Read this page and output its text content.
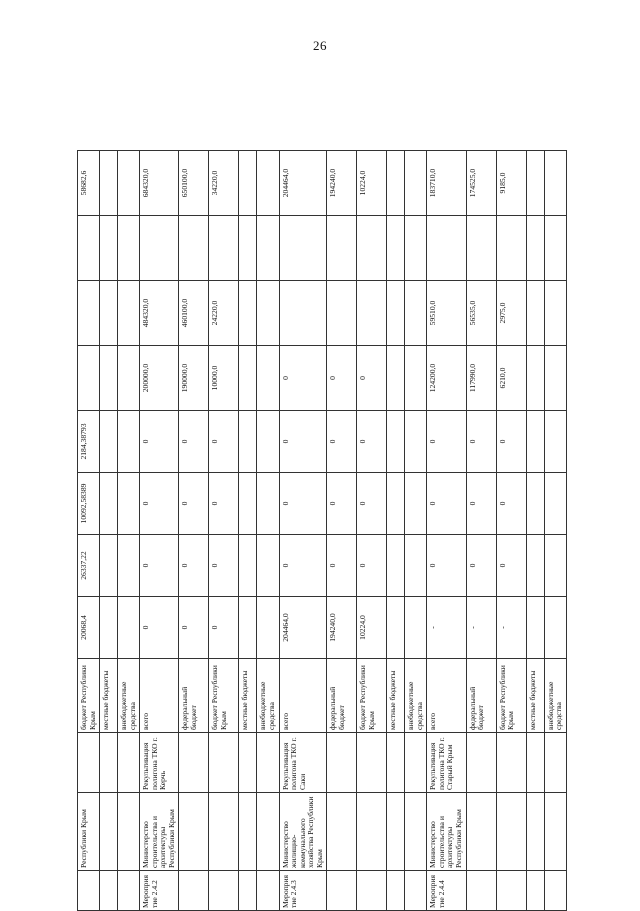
26
	Республики Крым		бюджет Республики Крым	20068,4	26337,22	10092,58389	2184,38793				58682,6
			местные бюджеты								
			внебюджетные средства								
Мероприятие 2.4.2	Министерство строительства и архитектуры Республики Крым	Рекультивация полигона ТКО г. Керчь	всего	0	0	0	0	200000,0	484320,0		684320,0
			федеральный бюджет	0	0	0	0	190000,0	460100,0		650100,0
			бюджет Республики Крым	0	0	0	0	10000,0	24220,0		34220,0
			местные бюджеты								
			внебюджетные средства								
Мероприятие 2.4.3	Министерство жилищно-коммунального хозяйства Республики Крым	Рекультивация полигона ТКО г. Саки	всего	204464,0	0	0	0	0			204464,0
			федеральный бюджет	194240,0	0	0	0	0			194240,0
			бюджет Республики Крым	10224,0	0	0	0	0			10224,0
			местные бюджеты								
			внебюджетные средства								
Мероприятие 2.4.4	Министерство строительства и архитектуры Республики Крым	Рекультивация полигона ТКО г. Старый Крым	всего	-	0	0	0	124200,0	59510,0		183710,0
			федеральный бюджет	-	0	0	0	117990,0	56535,0		174525,0
			бюджет Республики Крым	-	0	0	0	6210,0	2975,0		9185,0
			местные бюджеты								
			внебюджетные средства								
